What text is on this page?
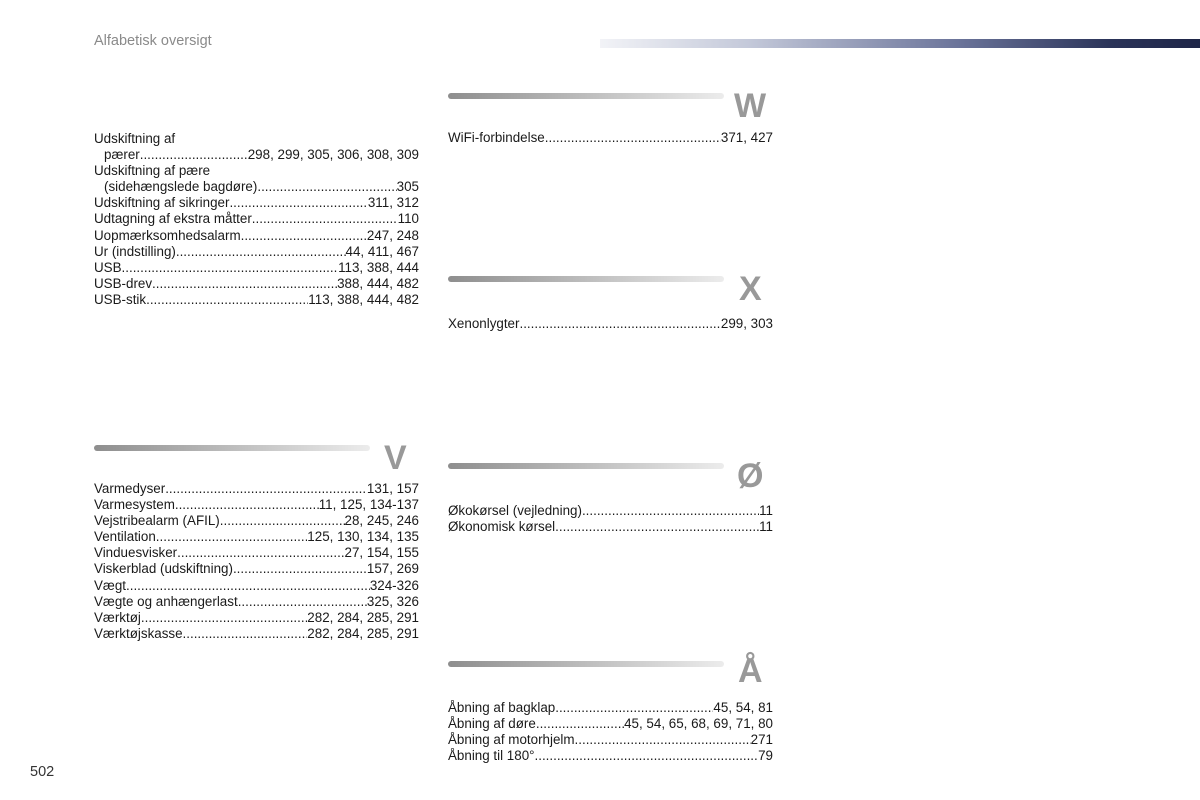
Alfabetisk oversigt
Udskiftning af
pærer .....	298, 299, 305, 306, 308, 309
Udskiftning af pære
(sidehængslede bagdøre) .....	305
Udskiftning af sikringer .....	311, 312
Udtagning af ekstra måtter .....	110
Uopmærksomhedsalarm .....	247, 248
Ur (indstilling) .....	44, 411, 467
USB .....	113, 388, 444
USB-drev .....	388, 444, 482
USB-stik .....	113, 388, 444, 482
V
Varmedyser .....	131, 157
Varmesystem .....	11, 125, 134-137
Vejstribealarm (AFIL) .....	28, 245, 246
Ventilation .....	125, 130, 134, 135
Vinduesvisker .....	27, 154, 155
Viskerblad (udskiftning) .....	157, 269
Vægt .....	324-326
Vægte og anhængerlast .....	325, 326
Værktøj .....	282, 284, 285, 291
Værktøjskasse .....	282, 284, 285, 291
W
WiFi-forbindelse .....	371, 427
X
Xenonlygter .....	299, 303
Ø
Økokørsel (vejledning) .....	11
Økonomisk kørsel .....	11
Å
Åbning af bagklap .....	45, 54, 81
Åbning af døre .....	45, 54, 65, 68, 69, 71, 80
Åbning af motorhjelm .....	271
Åbning til 180° .....	79
502
